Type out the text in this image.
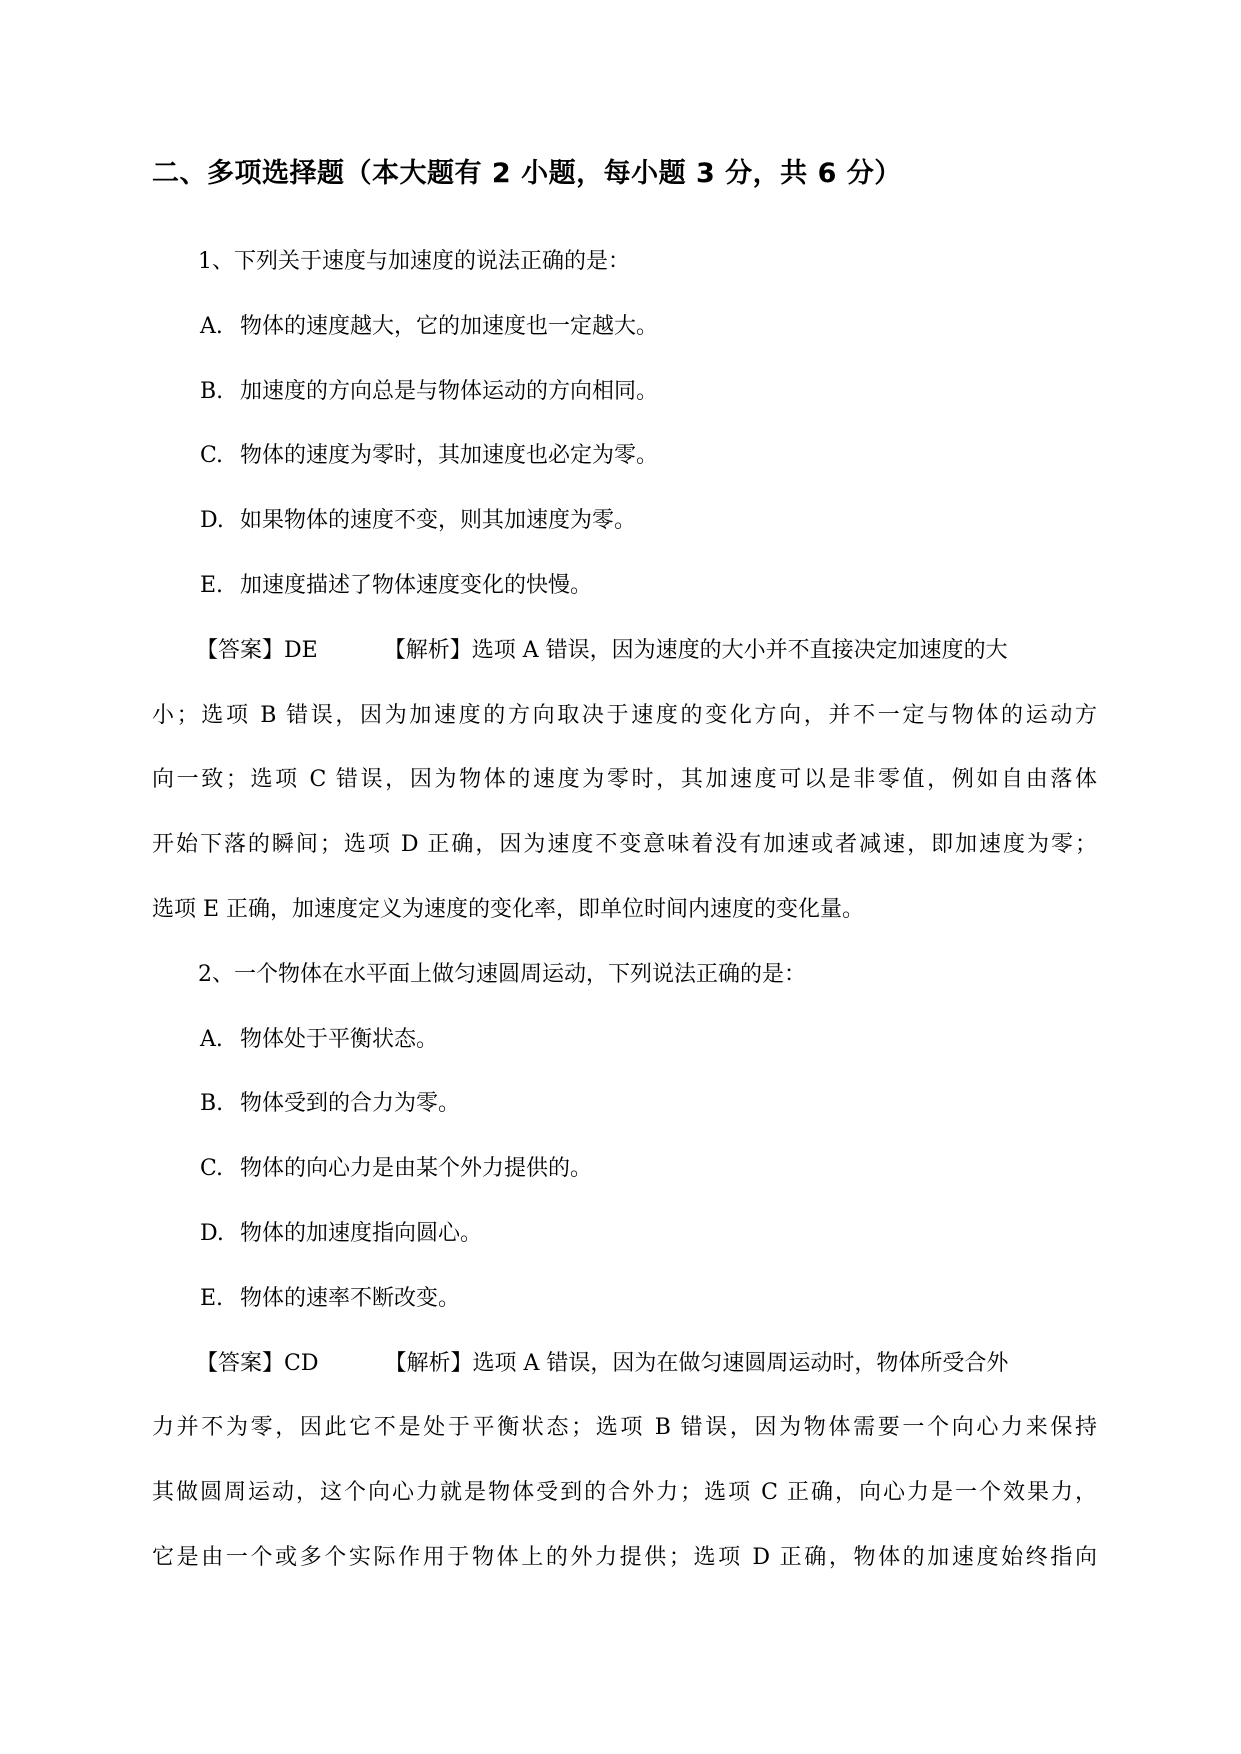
二、多项选择题（本大题有 2 小题，每小题 3 分，共 6 分）
1、下列关于速度与加速度的说法正确的是：
A. 物体的速度越大，它的加速度也一定越大。
B. 加速度的方向总是与物体运动的方向相同。
C. 物体的速度为零时，其加速度也必定为零。
D. 如果物体的速度不变，则其加速度为零。
E. 加速度描述了物体速度变化的快慢。
【答案】DE	【解析】选项 A 错误，因为速度的大小并不直接决定加速度的大
小；选项 B 错误，因为加速度的方向取决于速度的变化方向，并不一定与物体的运动方
向一致；选项 C 错误，因为物体的速度为零时，其加速度可以是非零值，例如自由落体
开始下落的瞬间；选项 D 正确，因为速度不变意味着没有加速或者减速，即加速度为零；
选项 E 正确，加速度定义为速度的变化率，即单位时间内速度的变化量。
2、一个物体在水平面上做匀速圆周运动，下列说法正确的是：
A. 物体处于平衡状态。
B. 物体受到的合力为零。
C. 物体的向心力是由某个外力提供的。
D. 物体的加速度指向圆心。
E. 物体的速率不断改变。
【答案】CD	【解析】选项 A 错误，因为在做匀速圆周运动时，物体所受合外
力并不为零，因此它不是处于平衡状态；选项 B 错误，因为物体需要一个向心力来保持
其做圆周运动，这个向心力就是物体受到的合外力；选项 C 正确，向心力是一个效果力，
它是由一个或多个实际作用于物体上的外力提供；选项 D 正确，物体的加速度始终指向
